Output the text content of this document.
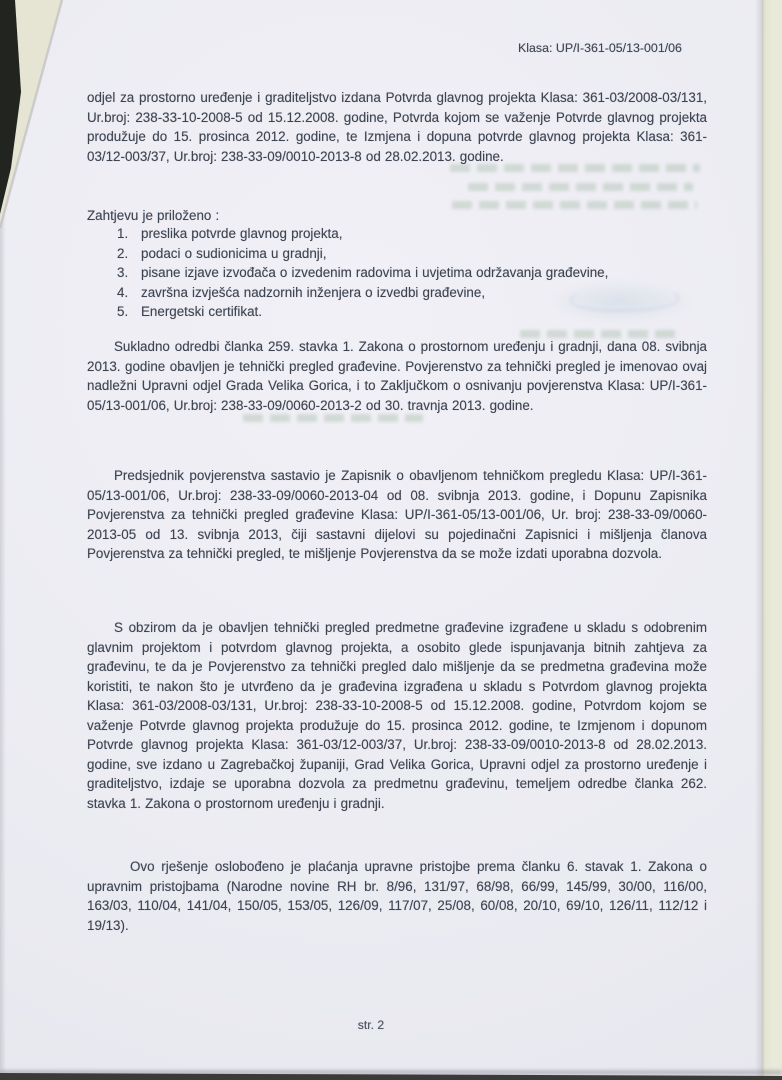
Klasa: UP/I-361-05/13-001/06
odjel za prostorno uređenje i graditeljstvo izdana Potvrda glavnog projekta Klasa: 361-03/2008-03/131, Ur.broj: 238-33-10-2008-5 od 15.12.2008. godine, Potvrda kojom se važenje Potvrde glavnog projekta produžuje do 15. prosinca 2012. godine, te Izmjena i dopuna potvrde glavnog projekta Klasa: 361-03/12-003/37, Ur.broj: 238-33-09/0010-2013-8 od 28.02.2013. godine.
Zahtjevu je priloženo :
1. preslika potvrde glavnog projekta,
2. podaci o sudionicima u gradnji,
3. pisane izjave izvođača o izvedenim radovima i uvjetima održavanja građevine,
4. završna izvješća nadzornih inženjera o izvedbi građevine,
5. Energetski certifikat.
Sukladno odredbi članka 259. stavka 1. Zakona o prostornom uređenju i gradnji, dana 08. svibnja 2013. godine obavljen je tehnički pregled građevine. Povjerenstvo za tehnički pregled je imenovao ovaj nadležni Upravni odjel Grada Velika Gorica, i to Zaključkom o osnivanju povjerenstva Klasa: UP/I-361-05/13-001/06, Ur.broj: 238-33-09/0060-2013-2 od 30. travnja 2013. godine.
Predsjednik povjerenstva sastavio je Zapisnik o obavljenom tehničkom pregledu Klasa: UP/I-361-05/13-001/06, Ur.broj: 238-33-09/0060-2013-04 od 08. svibnja 2013. godine, i Dopunu Zapisnika Povjerenstva za tehnički pregled građevine Klasa: UP/I-361-05/13-001/06, Ur. broj: 238-33-09/0060-2013-05 od 13. svibnja 2013, čiji sastavni dijelovi su pojedinačni Zapisnici i mišljenja članova Povjerenstva za tehnički pregled, te mišljenje Povjerenstva da se može izdati uporabna dozvola.
S obzirom da je obavljen tehnički pregled predmetne građevine izgrađene u skladu s odobrenim glavnim projektom i potvrdom glavnog projekta, a osobito glede ispunjavanja bitnih zahtjeva za građevinu, te da je Povjerenstvo za tehnički pregled dalo mišljenje da se predmetna građevina može koristiti, te nakon što je utvrđeno da je građevina izgrađena u skladu s Potvrdom glavnog projekta Klasa: 361-03/2008-03/131, Ur.broj: 238-33-10-2008-5 od 15.12.2008. godine, Potvrdom kojom se važenje Potvrde glavnog projekta produžuje do 15. prosinca 2012. godine, te Izmjenom i dopunom Potvrde glavnog projekta Klasa: 361-03/12-003/37, Ur.broj: 238-33-09/0010-2013-8 od 28.02.2013. godine, sve izdano u Zagrebačkoj županiji, Grad Velika Gorica, Upravni odjel za prostorno uređenje i graditeljstvo, izdaje se uporabna dozvola za predmetnu građevinu, temeljem odredbe članka 262. stavka 1. Zakona o prostornom uređenju i gradnji.
Ovo rješenje oslobođeno je plaćanja upravne pristojbe prema članku 6. stavak 1. Zakona o upravnim pristojbama (Narodne novine RH br. 8/96, 131/97, 68/98, 66/99, 145/99, 30/00, 116/00, 163/03, 110/04, 141/04, 150/05, 153/05, 126/09, 117/07, 25/08, 60/08, 20/10, 69/10, 126/11, 112/12 i 19/13).
str. 2
